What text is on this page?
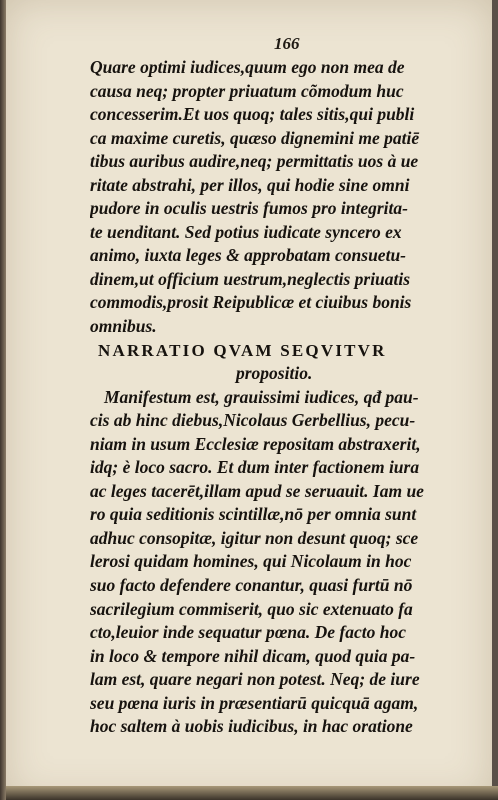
166

Quare optimi iudices,quum ego non mea de
causa neq; propter priuatum cõmodum huc
concesserim.Et uos quoq; tales sitis,qui publi
ca maxime curetis, quæso dignemini me patiē
tibus auribus audire,neq; permittatis uos à ue
ritate abstrahi, per illos, qui hodie sine omni
pudore in oculis uestris fumos pro integrita-
te uenditant. Sed potius iudicate syncero ex
animo, iuxta leges & approbatam consuetu-
dinem,ut officium uestrum,neglectis priuatis
commodis,prosit Reipublicæ et ciuibus bonis
omnibus.
NARRATIO QVAM SEQVITVR
propositio.
Manifestum est, grauissimi iudices, qđ pau-
cis ab hinc diebus,Nicolaus Gerbellius, pecu-
niam in usum Ecclesiæ repositam abstraxerit,
idq; è loco sacro. Et dum inter factionem iura
ac leges tacerēt,illam apud se seruauit. Iam ue
ro quia seditionis scintillæ,nō per omnia sunt
adhuc consopitæ, igitur non desunt quoq; sce
lerosi quidam homines, qui Nicolaum in hoc
suo facto defendere conantur, quasi furtū nō
sacrilegium commiserit, quo sic extenuato fa
cto,leuior inde sequatur pœna. De facto hoc
in loco & tempore nihil dicam, quod quia pa-
lam est, quare negari non potest. Neq; de iure
seu pœna iuris in præsentiarū quicquā agam,
hoc saltem à uobis iudicibus, in hac oratione
